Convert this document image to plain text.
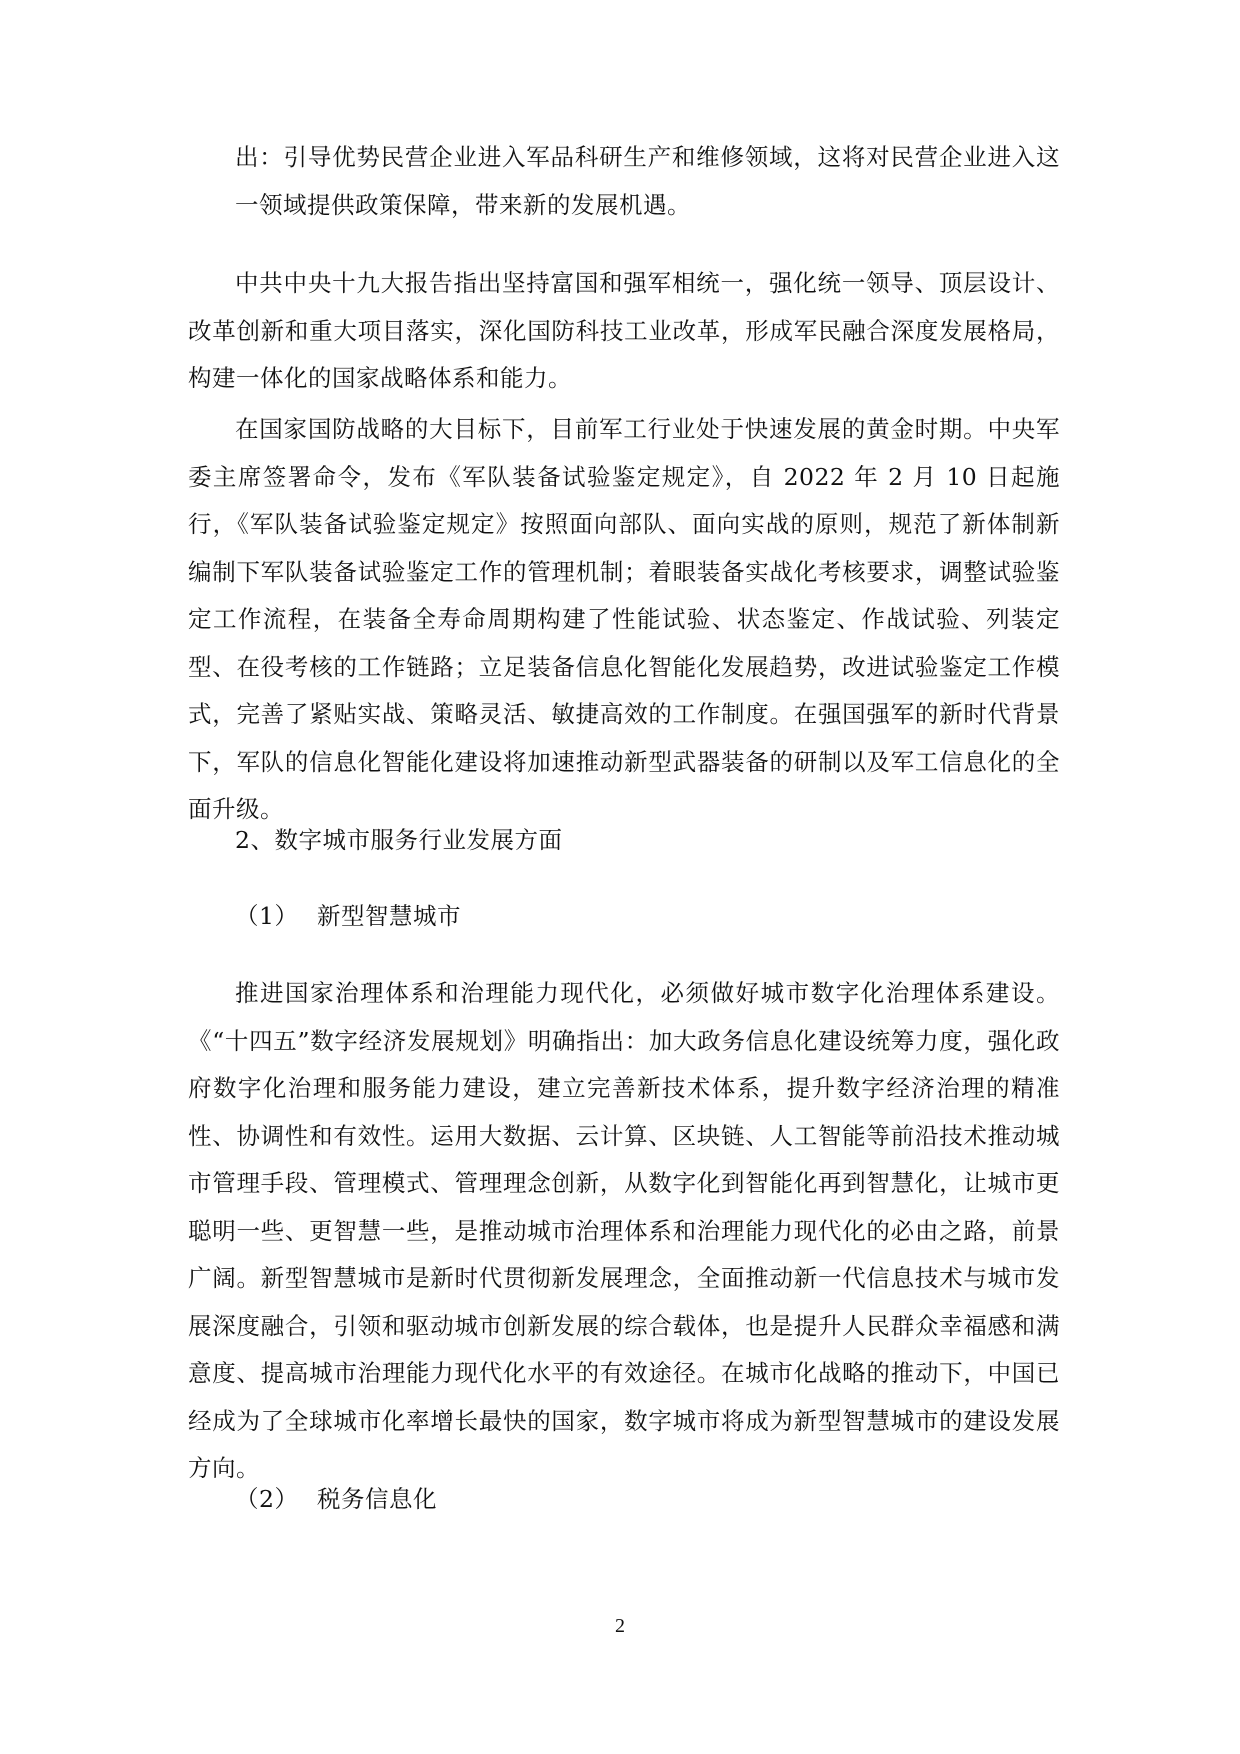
出：引导优势民营企业进入军品科研生产和维修领域，这将对民营企业进入这一领域提供政策保障，带来新的发展机遇。

中共中央十九大报告指出坚持富国和强军相统一，强化统一领导、顶层设计、改革创新和重大项目落实，深化国防科技工业改革，形成军民融合深度发展格局，构建一体化的国家战略体系和能力。

在国家国防战略的大目标下，目前军工行业处于快速发展的黄金时期。中央军委主席签署命令，发布《军队装备试验鉴定规定》，自 2022 年 2 月 10 日起施行，《军队装备试验鉴定规定》按照面向部队、面向实战的原则，规范了新体制新编制下军队装备试验鉴定工作的管理机制；着眼装备实战化考核要求，调整试验鉴定工作流程，在装备全寿命周期构建了性能试验、状态鉴定、作战试验、列装定型、在役考核的工作链路；立足装备信息化智能化发展趋势，改进试验鉴定工作模式，完善了紧贴实战、策略灵活、敏捷高效的工作制度。在强国强军的新时代背景下，军队的信息化智能化建设将加速推动新型武器装备的研制以及军工信息化的全面升级。

2、数字城市服务行业发展方面
（1） 新型智慧城市

推进国家治理体系和治理能力现代化，必须做好城市数字化治理体系建设。《“十四五”数字经济发展规划》明确指出：加大政务信息化建设统筹力度，强化政府数字化治理和服务能力建设，建立完善新技术体系，提升数字经济治理的精准性、协调性和有效性。运用大数据、云计算、区块链、人工智能等前沿技术推动城市管理手段、管理模式、管理理念创新，从数字化到智能化再到智慧化，让城市更聪明一些、更智慧一些，是推动城市治理体系和治理能力现代化的必由之路，前景广阔。新型智慧城市是新时代贯彻新发展理念，全面推动新一代信息技术与城市发展深度融合，引领和驱动城市创新发展的综合载体，也是提升人民群众幸福感和满意度、提高城市治理能力现代化水平的有效途径。在城市化战略的推动下，中国已经成为了全球城市化率增长最快的国家，数字城市将成为新型智慧城市的建设发展方向。

（2） 税务信息化
2
